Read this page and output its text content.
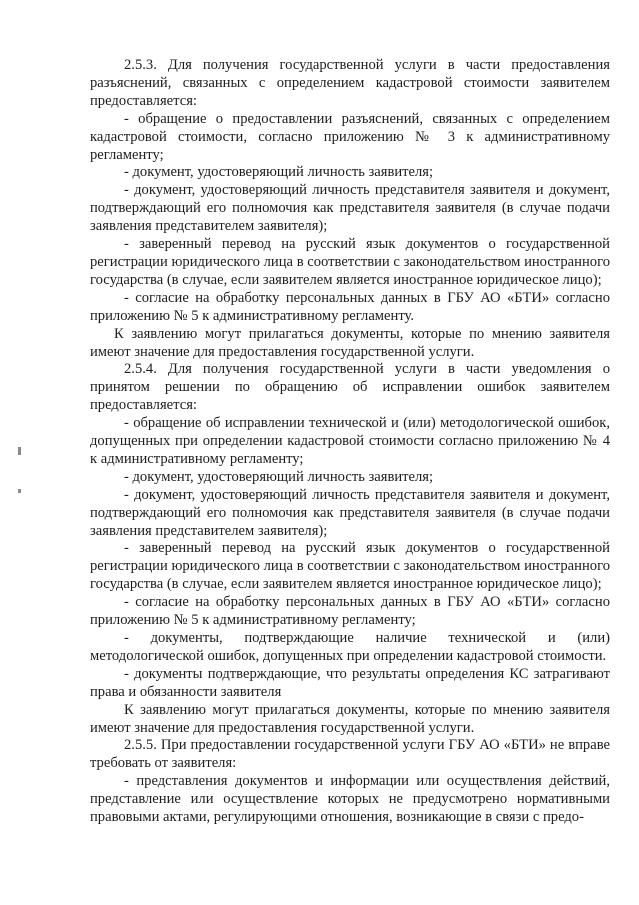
2.5.3. Для получения государственной услуги в части предоставления разъяснений, связанных с определением кадастровой стоимости заявителем предоставляется:

- обращение о предоставлении разъяснений, связанных с определением кадастровой стоимости, согласно приложению № 3 к административному регламенту;

- документ, удостоверяющий личность заявителя;

- документ, удостоверяющий личность представителя заявителя и документ, подтверждающий его полномочия как представителя заявителя (в случае подачи заявления представителем заявителя);

- заверенный перевод на русский язык документов о государственной регистрации юридического лица в соответствии с законодательством иностранного государства (в случае, если заявителем является иностранное юридическое лицо);

- согласие на обработку персональных данных в ГБУ АО «БТИ» согласно приложению № 5 к административному регламенту.

К заявлению могут прилагаться документы, которые по мнению заявителя имеют значение для предоставления государственной услуги.

2.5.4. Для получения государственной услуги в части уведомления о принятом решении по обращению об исправлении ошибок заявителем предоставляется:

- обращение об исправлении технической и (или) методологической ошибок, допущенных при определении кадастровой стоимости согласно приложению № 4 к административному регламенту;

- документ, удостоверяющий личность заявителя;

- документ, удостоверяющий личность представителя заявителя и документ, подтверждающий его полномочия как представителя заявителя (в случае подачи заявления представителем заявителя);

- заверенный перевод на русский язык документов о государственной регистрации юридического лица в соответствии с законодательством иностранного государства (в случае, если заявителем является иностранное юридическое лицо);

- согласие на обработку персональных данных в ГБУ АО «БТИ» согласно приложению № 5 к административному регламенту;

- документы, подтверждающие наличие технической и (или) методологической ошибок, допущенных при определении кадастровой стоимости.

- документы подтверждающие, что результаты определения КС затрагивают права и обязанности заявителя

К заявлению могут прилагаться документы, которые по мнению заявителя имеют значение для предоставления государственной услуги.

2.5.5. При предоставлении государственной услуги ГБУ АО «БТИ» не вправе требовать от заявителя:

- представления документов и информации или осуществления действий, представление или осуществление которых не предусмотрено нормативными правовыми актами, регулирующими отношения, возникающие в связи с предо-
